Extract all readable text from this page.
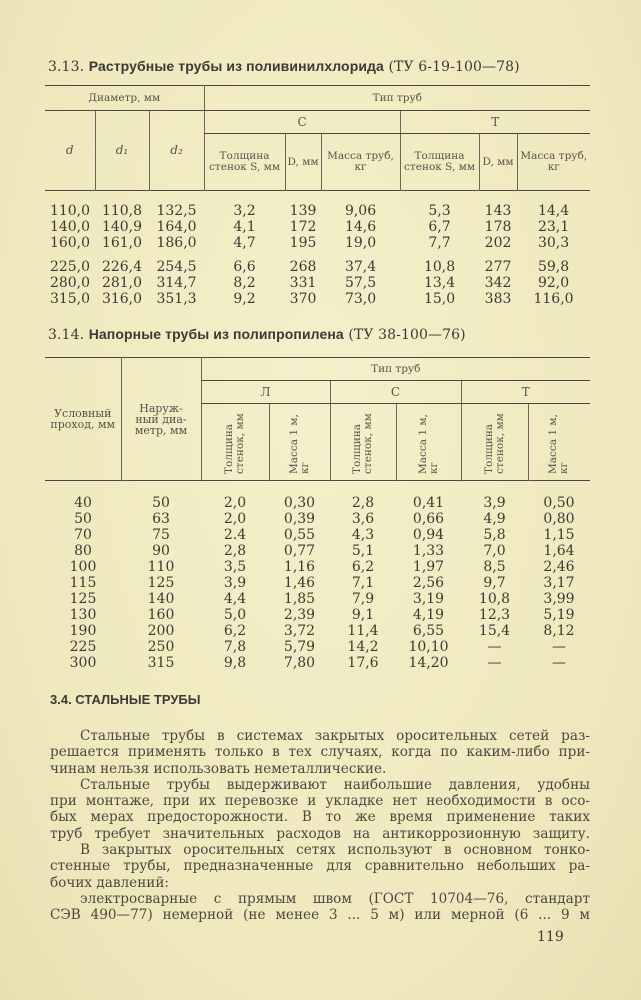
3.13. Раструбные трубы из поливинилхлорида (ТУ 6-19-100—78)
Диаметр, мм			Тип труб					
d	d₁	d₂	С			Т		
			Толщина стенок S, мм	D, мм	Масса труб, кг	Толщина стенок S, мм	D, мм	Масса труб, кг
110,0	110,8	132,5	3,2	139	9,06	5,3	143	14,4
140,0	140,9	164,0	4,1	172	14,6	6,7	178	23,1
160,0	161,0	186,0	4,7	195	19,0	7,7	202	30,3
225,0	226,4	254,5	6,6	268	37,4	10,8	277	59,8
280,0	281,0	314,7	8,2	331	57,5	13,4	342	92,0
315,0	316,0	351,3	9,2	370	73,0	15,0	383	116,0
3.14. Напорные трубы из полипропилена (ТУ 38-100—76)
Условный проход, мм	Наруж-ный диа-метр, мм	Тип труб					
		Л		С		Т	
		Толщина стенок, мм	Масса 1 м, кг	Толщина стенок, мм	Масса 1 м, кг	Толщина стенок, мм	Масса 1 м, кг
40	50	2,0	0,30	2,8	0,41	3,9	0,50
50	63	2,0	0,39	3,6	0,66	4,9	0,80
70	75	2.4	0,55	4,3	0,94	5,8	1,15
80	90	2,8	0,77	5,1	1,33	7,0	1,64
100	110	3,5	1,16	6,2	1,97	8,5	2,46
115	125	3,9	1,46	7,1	2,56	9,7	3,17
125	140	4,4	1,85	7,9	3,19	10,8	3,99
130	160	5,0	2,39	9,1	4,19	12,3	5,19
190	200	6,2	3,72	11,4	6,55	15,4	8,12
225	250	7,8	5,79	14,2	10,10	—	—
300	315	9,8	7,80	17,6	14,20	—	—
3.4. СТАЛЬНЫЕ ТРУБЫ
Стальные трубы в системах закрытых оросительных сетей раз-
решается применять только в тех случаях, когда по каким-либо при-
чинам нельзя использовать неметаллические.
Стальные трубы выдерживают наибольшие давления, удобны
при монтаже, при их перевозке и укладке нет необходимости в осо-
бых мерах предосторожности. В то же время применение таких
труб требует значительных расходов на антикоррозионную защиту.
В закрытых оросительных сетях используют в основном тонко-
стенные трубы, предназначенные для сравнительно небольших ра-
бочих давлений:
электросварные с прямым швом (ГОСТ 10704—76, стандарт
СЭВ 490—77) немерной (не менее 3 ... 5 м) или мерной (6 ... 9 м
119
